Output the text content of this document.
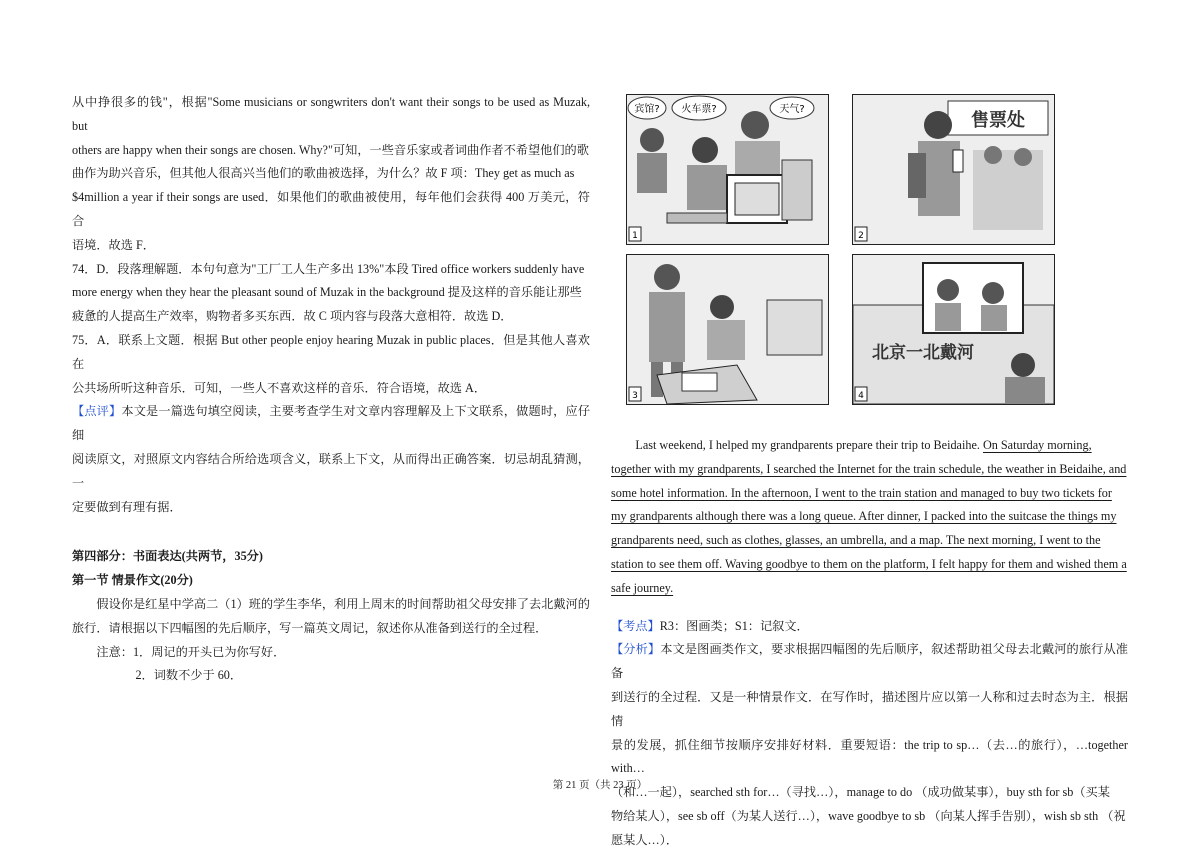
从中挣很多的钱"，根据"Some musicians or songwriters don't want their songs to be used as Muzak, but
others are happy when their songs are chosen. Why?"可知，一些音乐家或者词曲作者不希望他们的歌
曲作为助兴音乐，但其他人很高兴当他们的歌曲被选择，为什么？故 F 项：They get as much as
$4million a year if their songs are used．如果他们的歌曲被使用，每年他们会获得 400 万美元，符合
语境．故选 F．
74．D．段落理解题．本句句意为"工厂工人生产多出 13%"本段 Tired office workers suddenly have
more energy when they hear the pleasant sound of Muzak in the background 提及这样的音乐能让那些
疲惫的人提高生产效率，购物者多买东西．故 C 项内容与段落大意相符．故选 D．
75．A．联系上文题．根据 But other people enjoy hearing Muzak in public places．但是其他人喜欢在
公共场所听这种音乐．可知，一些人不喜欢这样的音乐．符合语境，故选 A．
【点评】本文是一篇选句填空阅读，主要考查学生对文章内容理解及上下文联系，做题时，应仔细
阅读原文，对照原文内容结合所给选项含义，联系上下文，从而得出正确答案．切忌胡乱猜测，一
定要做到有理有据．
第四部分：书面表达(共两节，35分)
第一节 情景作文(20分)
假设你是红星中学高二（1）班的学生李华，利用上周末的时间帮助祖父母安排了去北戴河的
旅行．请根据以下四幅图的先后顺序，写一篇英文周记，叙述你从准备到送行的全过程．
注意：1．周记的开头已为你写好．
2．词数不少于 60．
宾馆? 火车票?	天气?
1
售票处
2
3
北京一北戴河
4
Last weekend, I helped my grandparents prepare their trip to Beidaihe. On Saturday morning,
together with my grandparents, I searched the Internet for the train schedule, the weather in Beidaihe, and
some hotel information. In the afternoon, I went to the train station and managed to buy two tickets for
my grandparents although there was a long queue. After dinner, I packed into the suitcase the things my
grandparents need, such as clothes, glasses, an umbrella, and a map. The next morning, I went to the
station to see them off. Waving goodbye to them on the platform, I felt happy for them and wished them a
safe journey.
【考点】R3：图画类；S1：记叙文．
【分析】本文是图画类作文，要求根据四幅图的先后顺序，叙述帮助祖父母去北戴河的旅行从准备
到送行的全过程．又是一种情景作文．在写作时，描述图片应以第一人称和过去时态为主．根据情
景的发展，抓住细节按顺序安排好材料．重要短语：the trip to sp…（去…的旅行），…together with…
（和…一起），searched sth for…（寻找…），manage to do （成功做某事），buy sth for sb（买某
物给某人），see sb off（为某人送行…），wave goodbye to sb （向某人挥手告别），wish sb sth （祝
愿某人…）．
第 21 页（共 23 页）
